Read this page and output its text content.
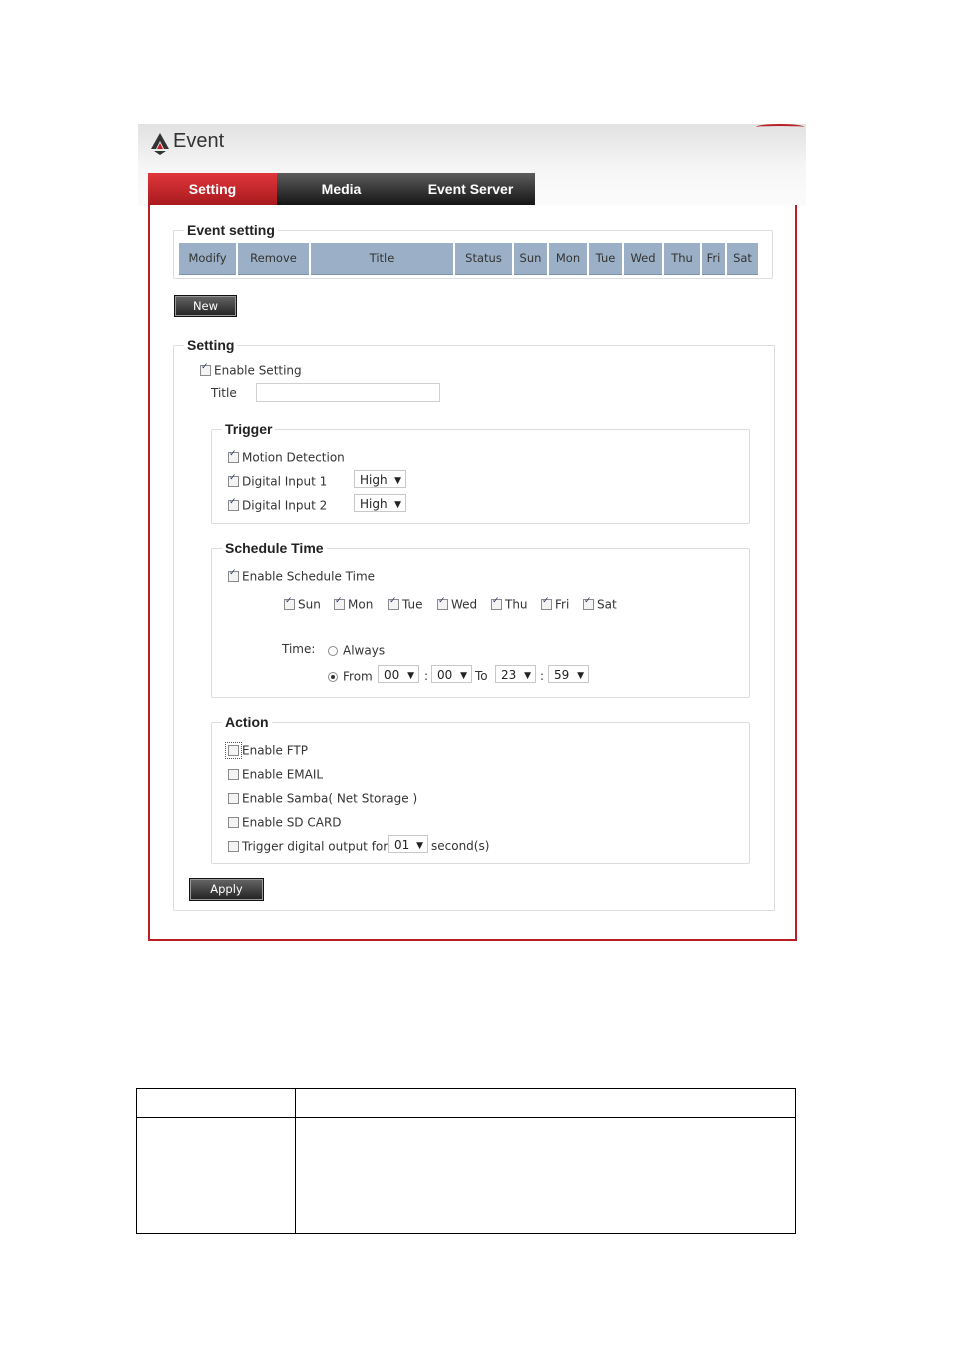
Event
Setting	Media	Event Server
Event setting
Modify	Remove	Title	Status	Sun	Mon	Tue	Wed	Thu	Fri	Sat
New
Setting
✓Enable Setting
Title
Trigger
✓Motion Detection
✓Digital Input 1	High ▼
✓Digital Input 2	High ▼
Schedule Time
✓Enable Schedule Time
✓Sun ✓	Mon ✓	Tue ✓	Wed ✓	Thu ✓	Fri ✓	Sat
Time:	Always
From 00 ▼ : 00 ▼ To	23 ▼ : 59 ▼
Action
Enable FTP
Enable EMAIL
Enable Samba( Net Storage )
Enable SD CARD
Trigger digital output for 01 ▼ second(s)
Apply
